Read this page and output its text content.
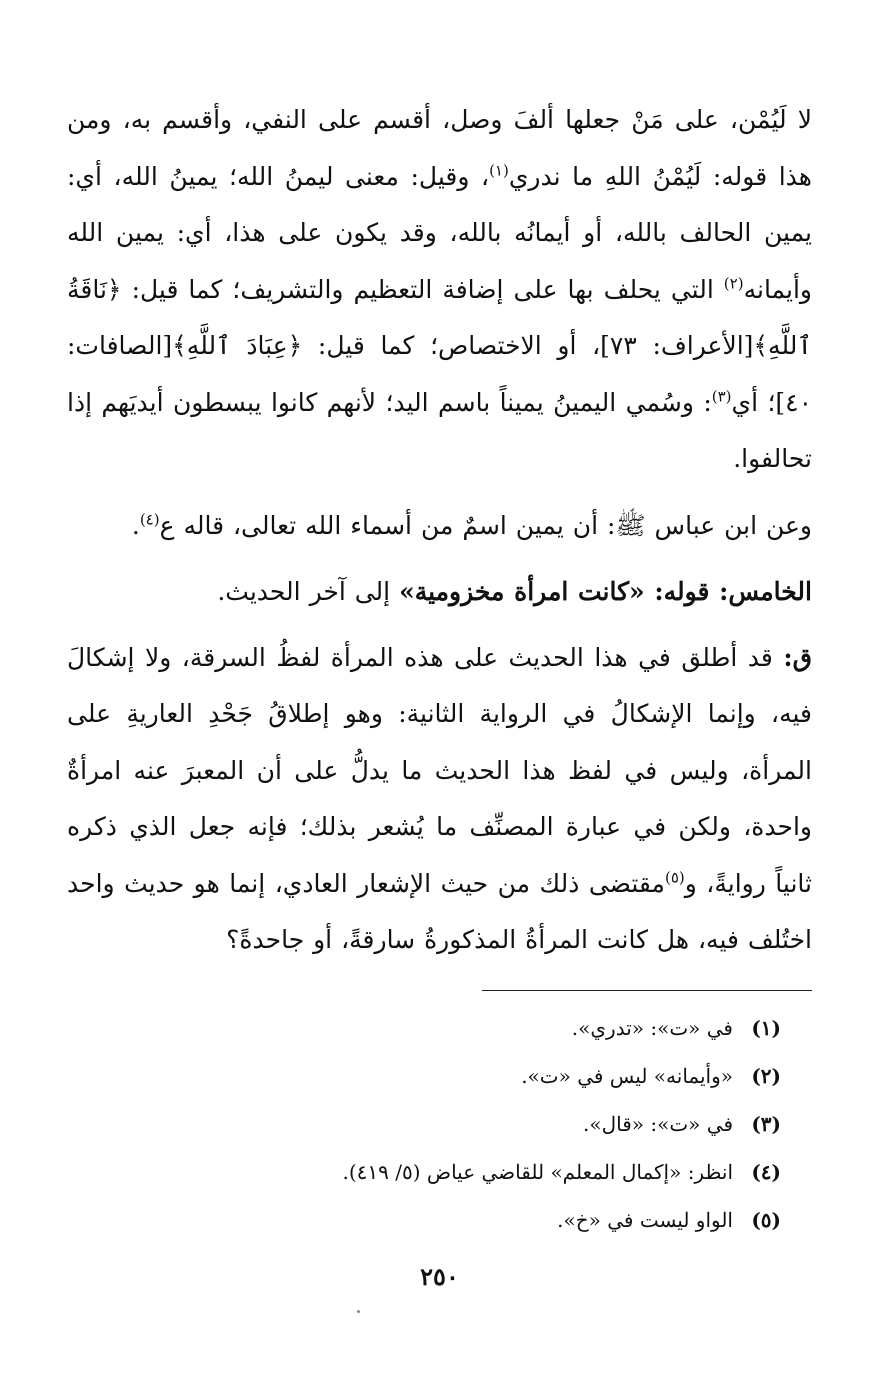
لا لَيُمْن، على مَنْ جعلها ألفَ وصل، أقسم على النفي، وأقسم به، ومن هذا قوله: لَيُمْنُ اللهِ ما ندري$^{(١)}$، وقيل: معنى ليمنُ الله؛ يمينُ الله، أي: يمين الحالف بالله، أو أيمانُه بالله، وقد يكون على هذا، أي: يمين الله وأيمانه$^{(٢)}$ التي يحلف بها على إضافة التعظيم والتشريف؛ كما قيل: ﴿نَاقَةُ ٱللَّهِ﴾[الأعراف: ٧٣]، أو الاختصاص؛ كما قيل: ﴿عِبَادَ ٱللَّهِ﴾[الصافات: ٤٠]؛ أي$^{(٣)}$: وسُمي اليمينُ يميناً باسم اليد؛ لأنهم كانوا يبسطون أيديَهم إذا تحالفوا.

وعن ابن عباس ﷺ: أن يمين اسمٌ من أسماء الله تعالى، قاله ع$^{(٤)}$.

الخامس: قوله: «كانت امرأة مخزومية» إلى آخر الحديث.

ق: قد أطلق في هذا الحديث على هذه المرأة لفظُ السرقة، ولا إشكالَ فيه، وإنما الإشكالُ في الرواية الثانية: وهو إطلاقُ جَحْدِ العاريةِ على المرأة، وليس في لفظ هذا الحديث ما يدلُّ على أن المعبرَ عنه امرأةٌ واحدة، ولكن في عبارة المصنِّف ما يُشعر بذلك؛ فإنه جعل الذي ذكره ثانياً روايةً، و$^{(٥)}$مقتضى ذلك من حيث الإشعار العادي، إنما هو حديث واحد اختُلف فيه، هل كانت المرأةُ المذكورةُ سارقةً، أو جاحدةً؟

(١)
في «ت»: «تدري».
(٢)
«وأيمانه» ليس في «ت».
(٣)
في «ت»: «قال».
(٤)
انظر: «إكمال المعلم» للقاضي عياض (٥/ ٤١٩).
(٥)
الواو ليست في «خ».
٢٥٠
